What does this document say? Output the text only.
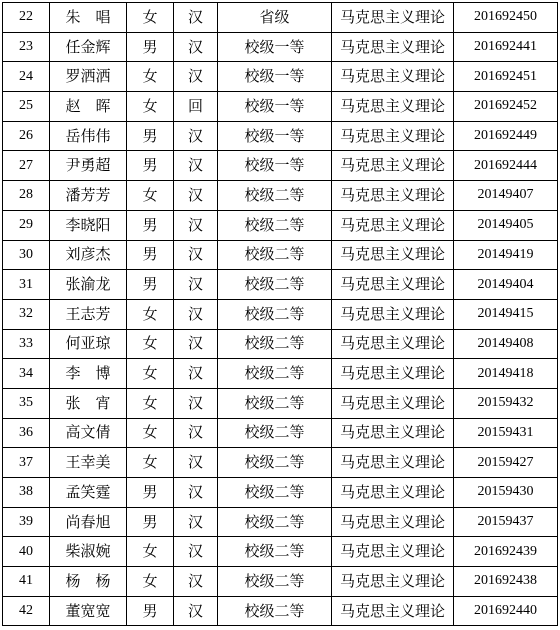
22	朱　唱	女	汉	省级	马克思主义理论	201692450
23	任金辉	男	汉	校级一等	马克思主义理论	201692441
24	罗洒洒	女	汉	校级一等	马克思主义理论	201692451
25	赵　晖	女	回	校级一等	马克思主义理论	201692452
26	岳伟伟	男	汉	校级一等	马克思主义理论	201692449
27	尹勇超	男	汉	校级一等	马克思主义理论	201692444
28	潘芳芳	女	汉	校级二等	马克思主义理论	20149407
29	李晓阳	男	汉	校级二等	马克思主义理论	20149405
30	刘彦杰	男	汉	校级二等	马克思主义理论	20149419
31	张渝龙	男	汉	校级二等	马克思主义理论	20149404
32	王志芳	女	汉	校级二等	马克思主义理论	20149415
33	何亚琼	女	汉	校级二等	马克思主义理论	20149408
34	李　博	女	汉	校级二等	马克思主义理论	20149418
35	张　宵	女	汉	校级二等	马克思主义理论	20159432
36	高文倩	女	汉	校级二等	马克思主义理论	20159431
37	王幸美	女	汉	校级二等	马克思主义理论	20159427
38	孟笑霆	男	汉	校级二等	马克思主义理论	20159430
39	尚春旭	男	汉	校级二等	马克思主义理论	20159437
40	柴淑婉	女	汉	校级二等	马克思主义理论	201692439
41	杨　杨	女	汉	校级二等	马克思主义理论	201692438
42	董宽宽	男	汉	校级二等	马克思主义理论	201692440
